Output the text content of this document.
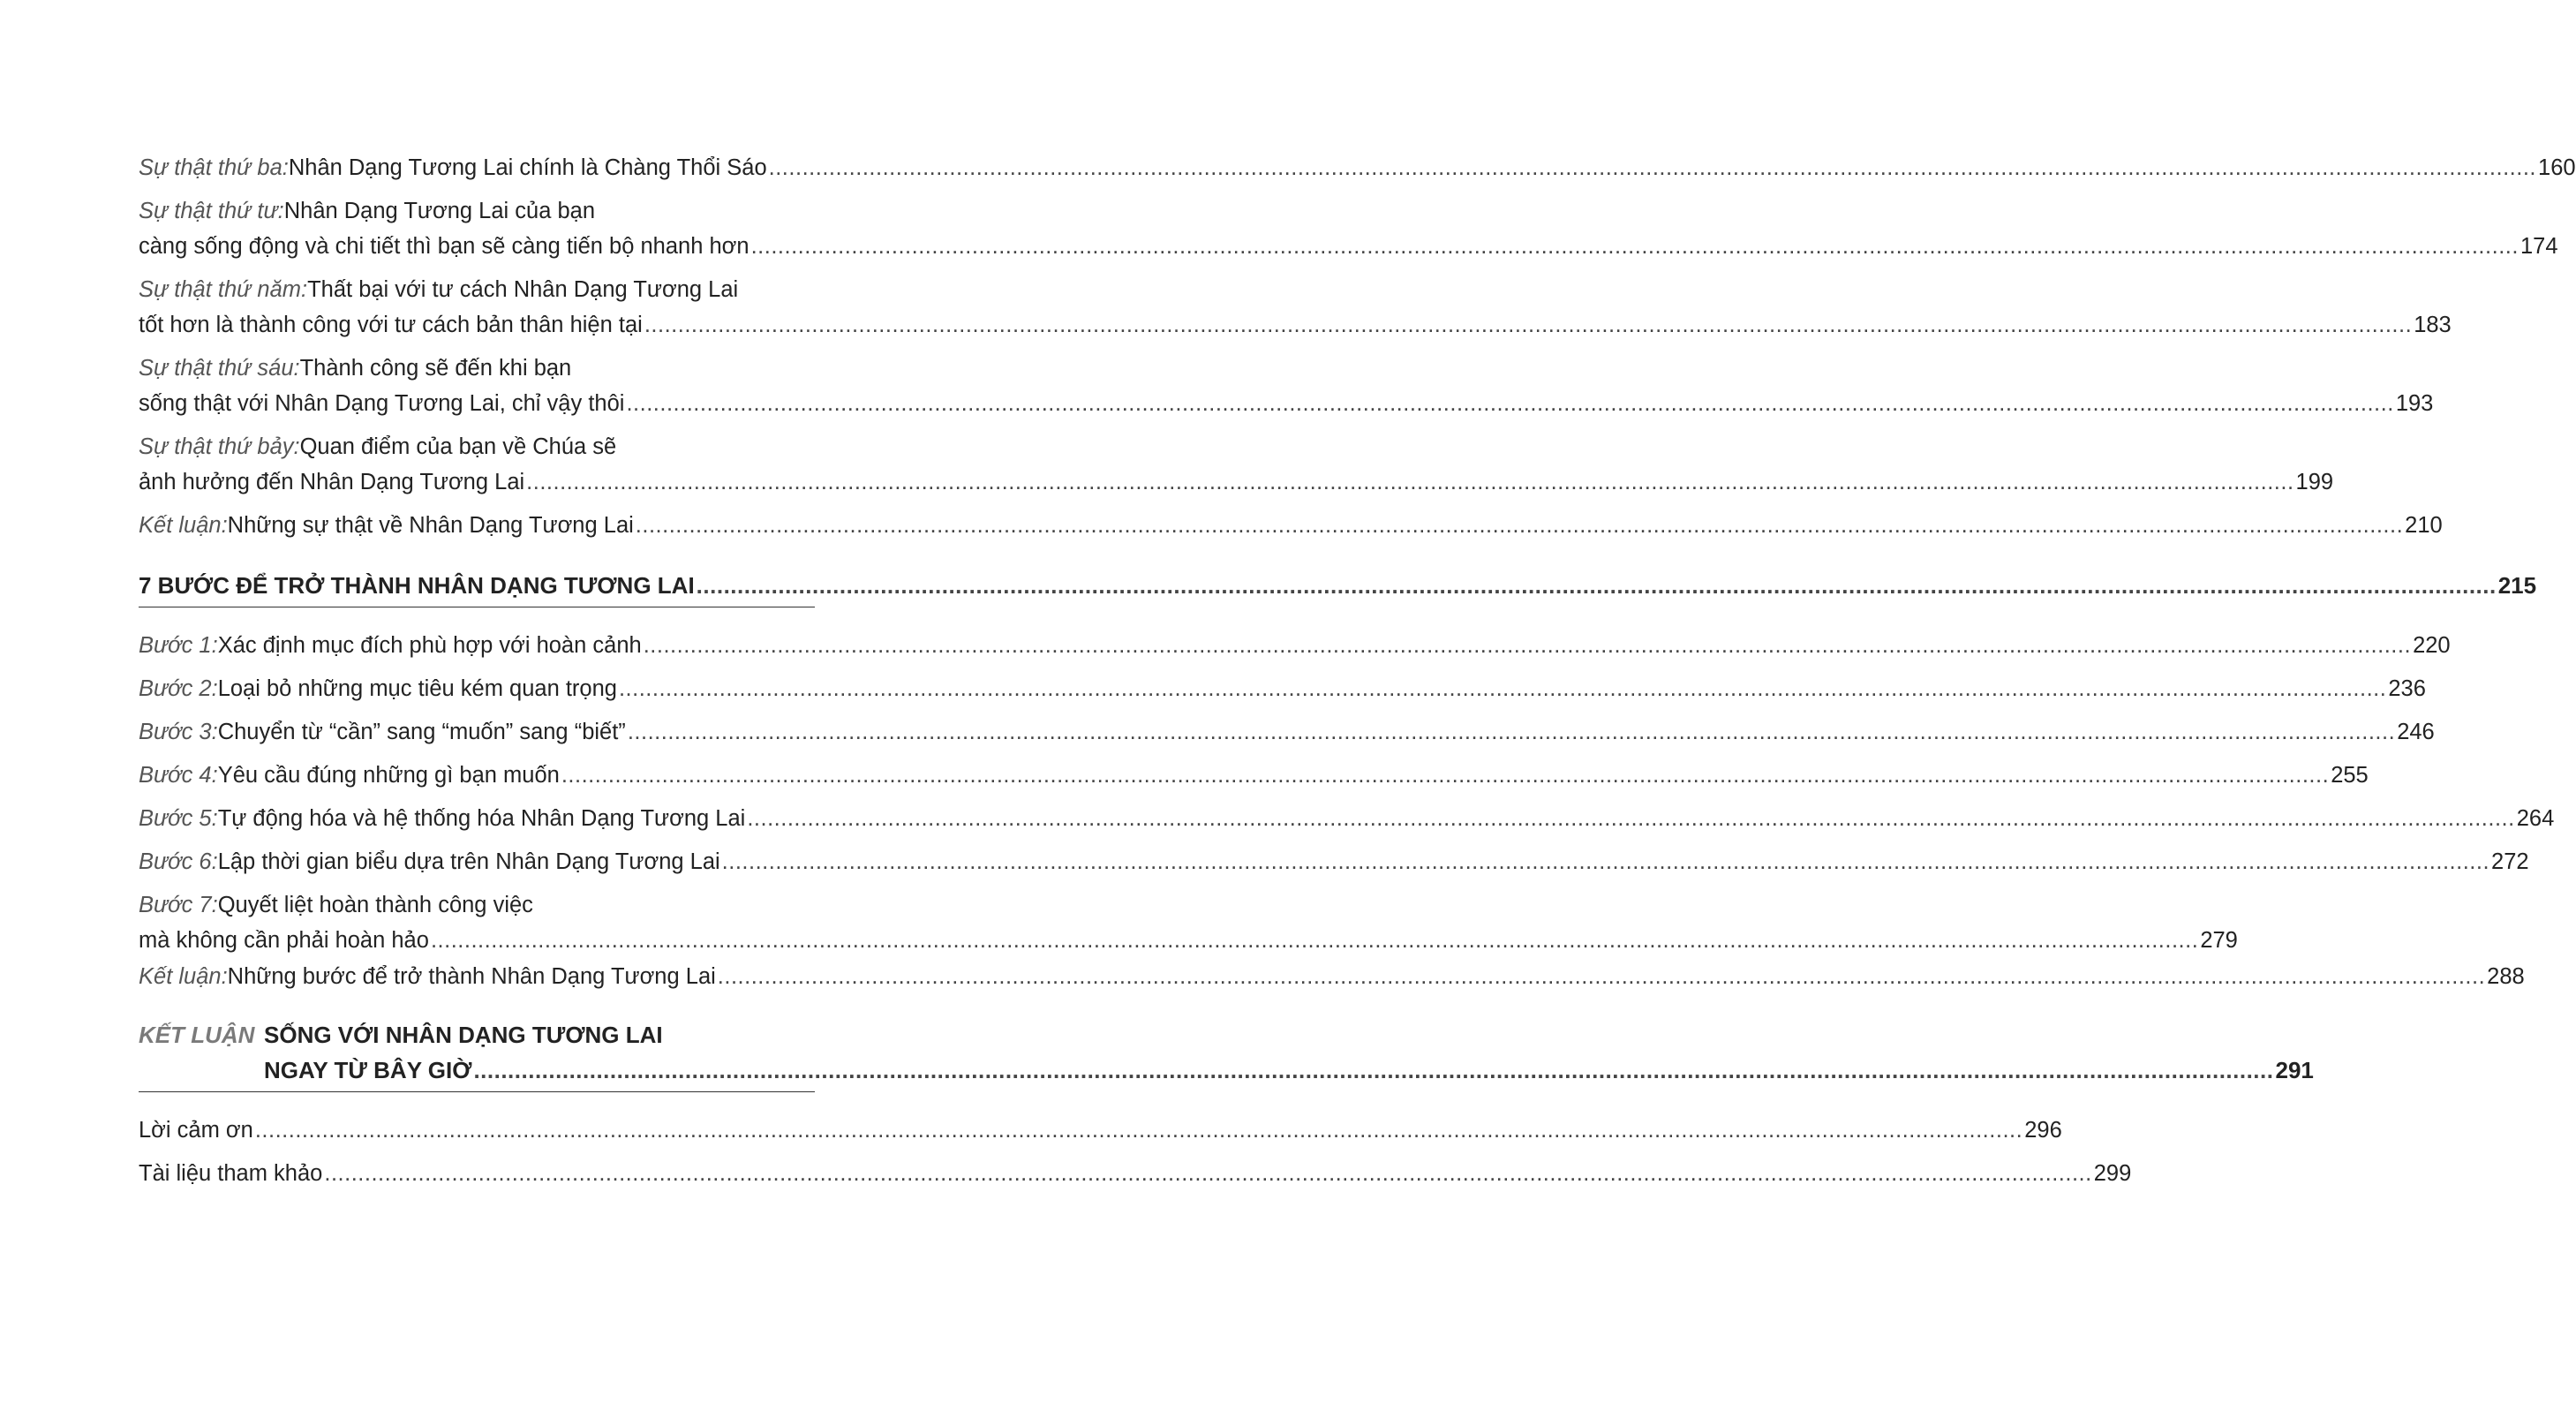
Sự thật thứ ba: Nhân Dạng Tương Lai chính là Chàng Thổi Sáo .....	160
Sự thật thứ tư: Nhân Dạng Tương Lai của bạn
càng sống động và chi tiết thì bạn sẽ càng tiến bộ nhanh hơn .....	174
Sự thật thứ năm: Thất bại với tư cách Nhân Dạng Tương Lai
tốt hơn là thành công với tư cách bản thân hiện tại .....	183
Sự thật thứ sáu: Thành công sẽ đến khi bạn
sống thật với Nhân Dạng Tương Lai, chỉ vậy thôi .....	193
Sự thật thứ bảy: Quan điểm của bạn về Chúa sẽ
ảnh hưởng đến Nhân Dạng Tương Lai .....	199
Kết luận: Những sự thật về Nhân Dạng Tương Lai .....	210
7 BƯỚC ĐỂ TRỞ THÀNH NHÂN DẠNG TƯƠNG LAI .....	215
Bước 1: Xác định mục đích phù hợp với hoàn cảnh .....	220
Bước 2: Loại bỏ những mục tiêu kém quan trọng .....	236
Bước 3: Chuyển từ “cần” sang “muốn” sang “biết” .....	246
Bước 4: Yêu cầu đúng những gì bạn muốn .....	255
Bước 5: Tự động hóa và hệ thống hóa Nhân Dạng Tương Lai .....	264
Bước 6: Lập thời gian biểu dựa trên Nhân Dạng Tương Lai .....	272
Bước 7: Quyết liệt hoàn thành công việc
mà không cần phải hoàn hảo .....	279
Kết luận: Những bước để trở thành Nhân Dạng Tương Lai .....	288
KẾT LUẬN SỐNG VỚI NHÂN DẠNG TƯƠNG LAI
NGAY TỪ BÂY GIỜ .....	291
Lời cảm ơn .....	296
Tài liệu tham khảo .....	299
